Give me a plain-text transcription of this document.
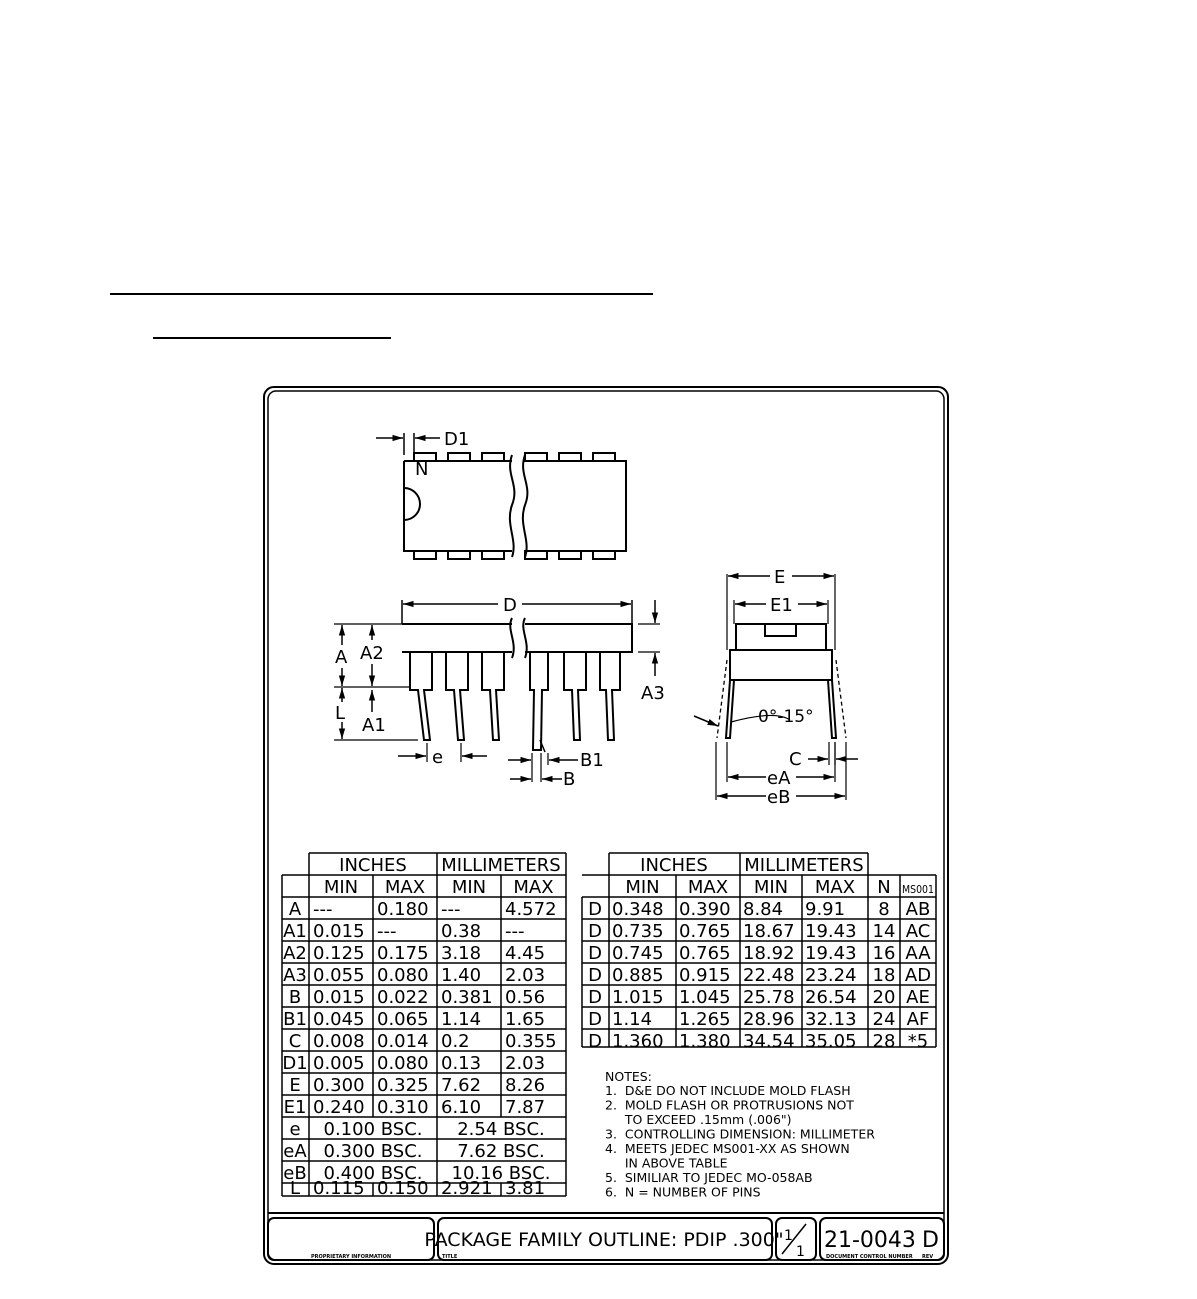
D1
N
D
A A2
L
A1
A3
e	B1
B
E
E1
0°-15°
C
eA
eB
INCHES MILLIMETERS
MIN MAX MIN MAX
A --- 0.180 --- 4.572
A1 0.015 --- 0.38 ---
A2 0.125 0.175 3.18 4.45
A3 0.055 0.080 1.40 2.03
B 0.015 0.022 0.381 0.56
B1 0.045 0.065 1.14 1.65
C 0.008 0.014 0.2 0.355
D1 0.005 0.080 0.13 2.03
E 0.300 0.325 7.62 8.26
E1 0.240 0.310 6.10 7.87
e 0.100 BSC. 2.54 BSC.
eA 0.300 BSC. 7.62 BSC.
eB 0.400 BSC. 10.16 BSC.
L 0.115 0.150 2.921 3.81
INCHES MILLIMETERS
MIN MAX MIN MAX N MS001
D 0.348 0.390 8.84 9.91 8 AB
D 0.735 0.765 18.67 19.43 14 AC
D 0.745 0.765 18.92 19.43 16 AA
D 0.885 0.915 22.48 23.24 18 AD
D 1.015 1.045 25.78 26.54 20 AE
D 1.14 1.265 28.96 32.13 24 AF
D 1.360 1.380 34.54 35.05 28 *5
NOTES:
1.  D&E DO NOT INCLUDE MOLD FLASH
2.  MOLD FLASH OR PROTRUSIONS NOT
TO EXCEED .15mm (.006")
3.  CONTROLLING DIMENSION: MILLIMETER
4.  MEETS JEDEC MS001-XX AS SHOWN
IN ABOVE TABLE
5.  SIMILIAR TO JEDEC MO-058AB
6.  N = NUMBER OF PINS
PROPRIETARY INFORMATION	TITLE
PACKAGE FAMILY OUTLINE: PDIP .300" 1
1 21-0043 D
DOCUMENT CONTROL NUMBER REV
